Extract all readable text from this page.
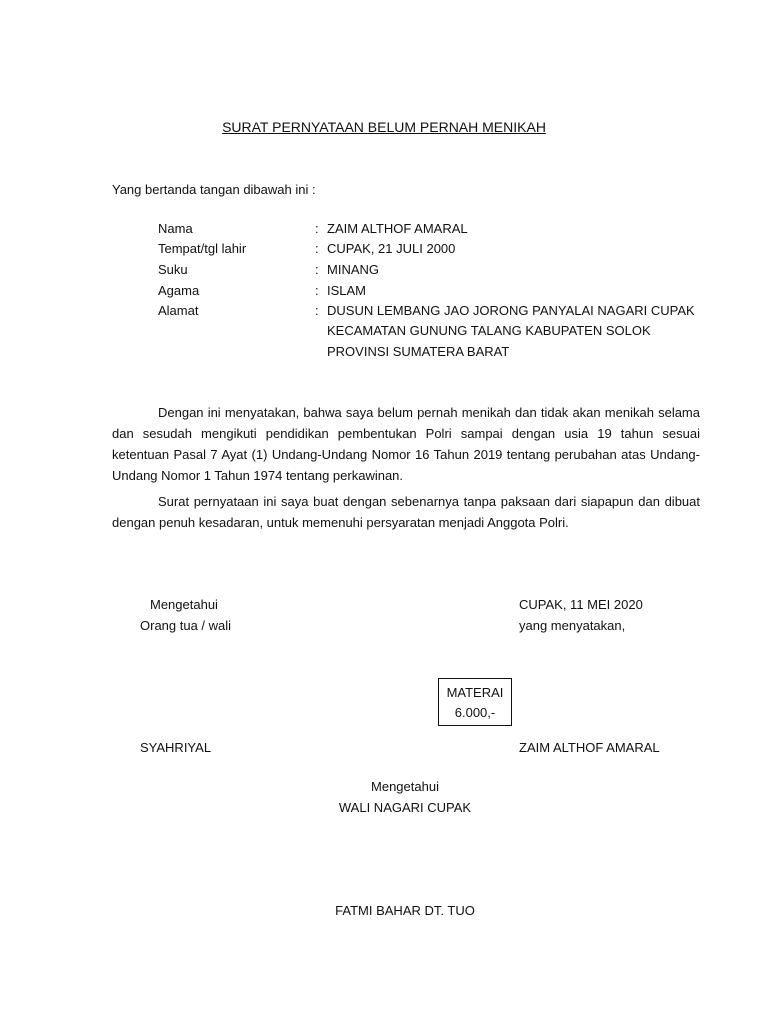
SURAT PERNYATAAN BELUM PERNAH MENIKAH
Yang bertanda tangan dibawah ini :
Nama	: ZAIM ALTHOF AMARAL
Tempat/tgl lahir	: CUPAK, 21 JULI 2000
Suku	: MINANG
Agama	: ISLAM
Alamat	: DUSUN LEMBANG JAO JORONG PANYALAI NAGARI CUPAK
KECAMATAN GUNUNG TALANG KABUPATEN SOLOK
PROVINSI SUMATERA BARAT
Dengan ini menyatakan, bahwa saya belum pernah menikah dan tidak akan menikah selama dan sesudah mengikuti pendidikan pembentukan Polri sampai dengan usia 19 tahun sesuai ketentuan Pasal 7 Ayat (1) Undang-Undang Nomor 16 Tahun 2019 tentang perubahan atas Undang-Undang Nomor 1 Tahun 1974 tentang perkawinan.
Surat pernyataan ini saya buat dengan sebenarnya tanpa paksaan dari siapapun dan dibuat dengan penuh kesadaran, untuk memenuhi persyaratan menjadi Anggota Polri.
Mengetahui
Orang tua / wali
SYAHRIYAL
CUPAK, 11 MEI 2020
yang menyatakan,
ZAIM ALTHOF AMARAL
MATERAI
6.000,-
Mengetahui
WALI NAGARI CUPAK
FATMI BAHAR DT. TUO
